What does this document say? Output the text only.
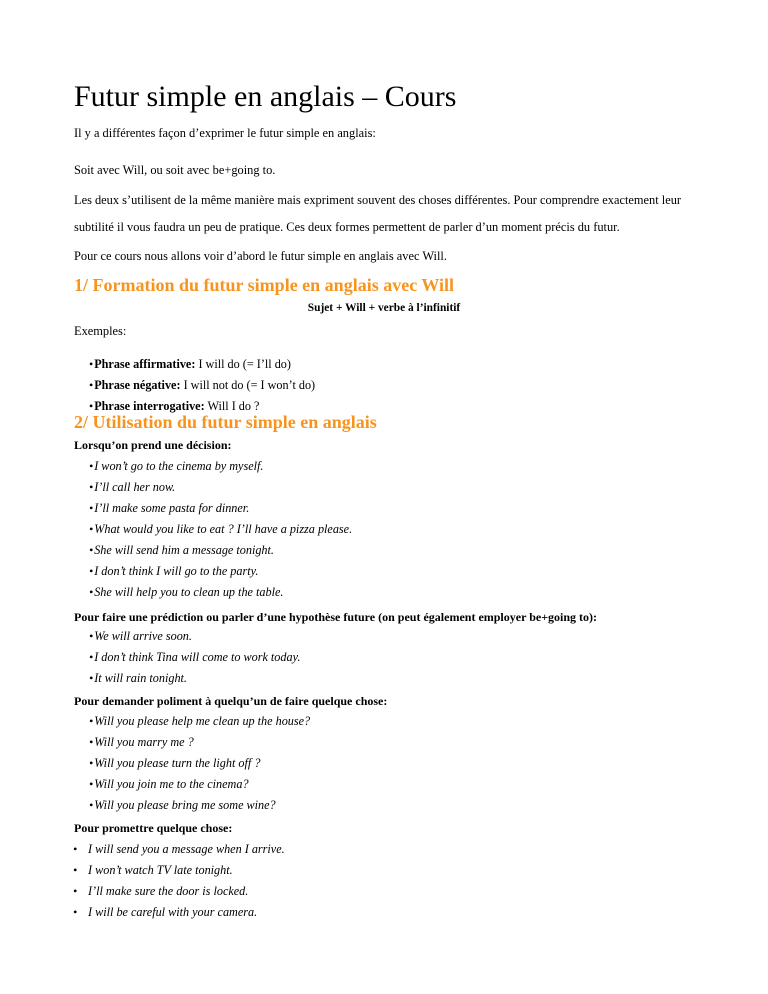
Futur simple en anglais – Cours

Il y a différentes façon d’exprimer le futur simple en anglais:

Soit avec Will, ou soit avec be+going to.

Les deux s’utilisent de la même manière mais expriment souvent des choses différentes. Pour comprendre exactement leur subtilité il vous faudra un peu de pratique. Ces deux formes permettent de parler d’un moment précis du futur.

Pour ce cours nous allons voir d’abord le futur simple en anglais avec Will.

1/ Formation du futur simple en anglais avec Will

Sujet + Will + verbe à l’infinitif

Exemples:

•Phrase affirmative: I will do (= I’ll do)
•Phrase négative: I will not do (= I won’t do)
•Phrase interrogative: Will I do ?
2/ Utilisation du futur simple en anglais

Lorsqu’on prend une décision:

•I won’t go to the cinema by myself.
•I’ll call her now.
•I’ll make some pasta for dinner.
•What would you like to eat ? I’ll have a pizza please.
•She will send him a message tonight.
•I don’t think I will go to the party.
•She will help you to clean up the table.

Pour faire une prédiction ou parler d’une hypothèse future (on peut également employer be+going to):

•We will arrive soon.
•I don’t think Tina will come to work today.
•It will rain tonight.

Pour demander poliment à quelqu’un de faire quelque chose:

•Will you please help me clean up the house?
•Will you marry me ?
•Will you please turn the light off ?
•Will you join me to the cinema?
•Will you please bring me some wine?

Pour promettre quelque chose:

• I will send you a message when I arrive.
• I won’t watch TV late tonight.
• I’ll make sure the door is locked.
• I will be careful with your camera.
